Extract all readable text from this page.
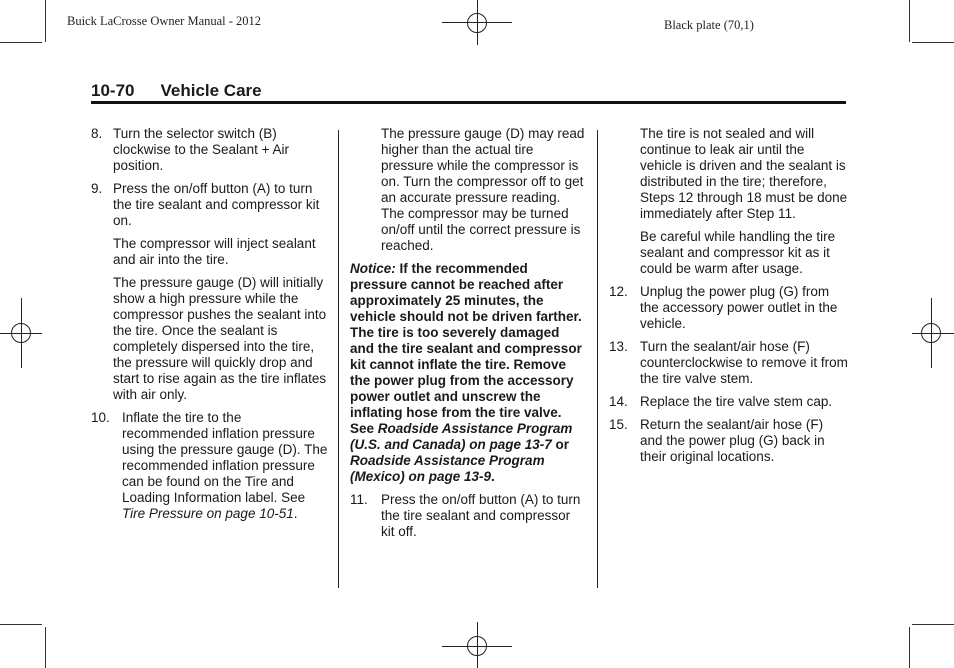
Buick LaCrosse Owner Manual - 2012	Black plate (70,1)
10-70 Vehicle Care
8. Turn the selector switch (B) clockwise to the Sealant + Air position.
9. Press the on/off button (A) to turn the tire sealant and compressor kit on.
The compressor will inject sealant and air into the tire.
The pressure gauge (D) will initially show a high pressure while the compressor pushes the sealant into the tire. Once the sealant is completely dispersed into the tire, the pressure will quickly drop and start to rise again as the tire inflates with air only.
10. Inflate the tire to the recommended inflation pressure using the pressure gauge (D). The recommended inflation pressure can be found on the Tire and Loading Information label. See Tire Pressure on page 10‑51.
The pressure gauge (D) may read higher than the actual tire pressure while the compressor is on. Turn the compressor off to get an accurate pressure reading. The compressor may be turned on/off until the correct pressure is reached.
Notice: If the recommended pressure cannot be reached after approximately 25 minutes, the vehicle should not be driven farther. The tire is too severely damaged and the tire sealant and compressor kit cannot inflate the tire. Remove the power plug from the accessory power outlet and unscrew the inflating hose from the tire valve. See Roadside Assistance Program (U.S. and Canada) on page 13‑7 or Roadside Assistance Program (Mexico) on page 13‑9.
11. Press the on/off button (A) to turn the tire sealant and compressor kit off.
The tire is not sealed and will continue to leak air until the vehicle is driven and the sealant is distributed in the tire; therefore, Steps 12 through 18 must be done immediately after Step 11.
Be careful while handling the tire sealant and compressor kit as it could be warm after usage.
12. Unplug the power plug (G) from the accessory power outlet in the vehicle.
13. Turn the sealant/air hose (F) counterclockwise to remove it from the tire valve stem.
14. Replace the tire valve stem cap.
15. Return the sealant/air hose (F) and the power plug (G) back in their original locations.
